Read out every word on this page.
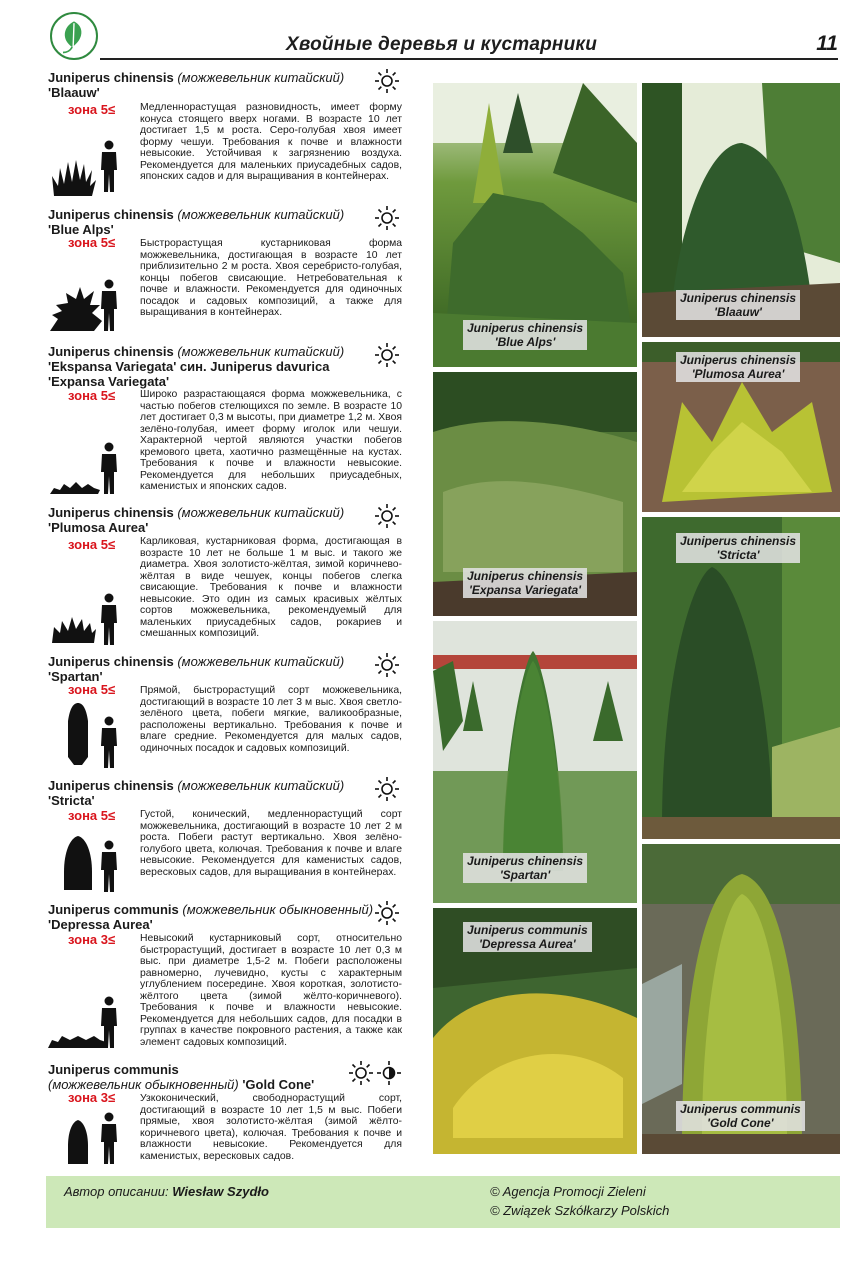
Хвойные деревья и кустарники	11
Juniperus chinensis (можжевельник китайский)
'Blaauw'
зона 5≤ Медленнорастущая разновидность, имеет форму конуса стоящего вверх ногами. В возрасте 10 лет достигает 1,5 м роста. Серо-голубая хвоя имеет форму чешуи. Требования к почве и влажности невысокие. Устойчивая к загрязнению воздуха. Рекомендуется для маленьких приусадебных садов, японских садов и для выращивания в контейнерах.
Juniperus chinensis (можжевельник китайский)
'Blue Alps'
зона 5≤ Быстрорастущая кустарниковая форма можжевельника, достигающая в возрасте 10 лет приблизительно 2 м роста. Хвоя серебристо-голубая, концы побегов свисающие. Нетребовательная к почве и влажности. Рекомендуется для одиночных посадок и садовых композиций, а также для выращивания в контейнерах.
Juniperus chinensis (можжевельник китайский)
'Ekspansa Variegata' син. Juniperus davurica
'Expansa Variegata'
зона 5≤ Широко разрастающаяся форма можжевельника, с частью побегов стелющихся по земле. В возрасте 10 лет достигает 0,3 м высоты, при диаметре 1,2 м. Хвоя зелёно-голубая, имеет форму иголок или чешуи. Характерной чертой являются участки побегов кремового цвета, хаотично размещённые на кустах. Требования к почве и влажности невысокие. Рекомендуется для небольших приусадебных, каменистых и японских садов.
Juniperus chinensis (можжевельник китайский)
'Plumosa Aurea'
зона 5≤ Карликовая, кустарниковая форма, достигающая в возрасте 10 лет не больше 1 м выс. и такого же диаметра. Хвоя золотисто-жёлтая, зимой коричнево-жёлтая в виде чешуек, концы побегов слегка свисающие. Требования к почве и влажности невысокие. Это один из самых красивых жёлтых сортов можжевельника, рекомендуемый для маленьких приусадебных садов, рокариев и смешанных композиций.
Juniperus chinensis (можжевельник китайский)
'Spartan'
зона 5≤ Прямой, быстрорастущий сорт можжевельника, достигающий в возрасте 10 лет 3 м выс. Хвоя светло-зелёного цвета, побеги мягкие, валикообразные, расположены вертикально. Требования к почве и влаге средние. Рекомендуется для малых садов, одиночных посадок и садовых композиций.
Juniperus chinensis (можжевельник китайский)
'Stricta'
зона 5≤ Густой, конический, медленнорастущий сорт можжевельника, достигающий в возрасте 10 лет 2 м роста. Побеги растут вертикально. Хвоя зелёно-голубого цвета, колючая. Требования к почве и влаге невысокие. Рекомендуется для каменистых садов, вересковых садов, для выращивания в контейнерах.
Juniperus communis (можжевельник обыкновенный)
'Depressa Aurea'
зона 3≤ Невысокий кустарниковый сорт, относительно быстрорастущий, достигает в возрасте 10 лет 0,3 м выс. при диаметре 1,5-2 м. Побеги расположены равномерно, лучевидно, кусты с характерным углублением посередине. Хвоя короткая, золотисто-жёлтого цвета (зимой жёлто-коричневого). Требования к почве и влажности невысокие. Рекомендуется для небольших садов, для посадки в группах в качестве покровного растения, а также как элемент садовых композиций.
Juniperus communis
(можжевельник обыкновенный) 'Gold Cone'
зона 3≤ Узкоконический, свободнорастущий сорт, достигающий в возрасте 10 лет 1,5 м выс. Побеги прямые, хвоя золотисто-жёлтая (зимой жёлто-коричневого цвета), колючая. Требования к почве и влажности невысокие. Рекомендуется для каменистых, вересковых садов.
Juniperus chinensis
'Blue Alps'
Juniperus chinensis
'Blaauw'
Juniperus chinensis
'Plumosa Aurea'
Juniperus chinensis
'Expansa Variegata'
Juniperus chinensis
'Stricta'
Juniperus chinensis
'Spartan'
Juniperus communis
'Depressa Aurea'
Juniperus communis
'Gold Cone'
Автор описании: Wiesław Szydło	© Agencja Promocji Zieleni
© Związek Szkółkarzy Polskich
